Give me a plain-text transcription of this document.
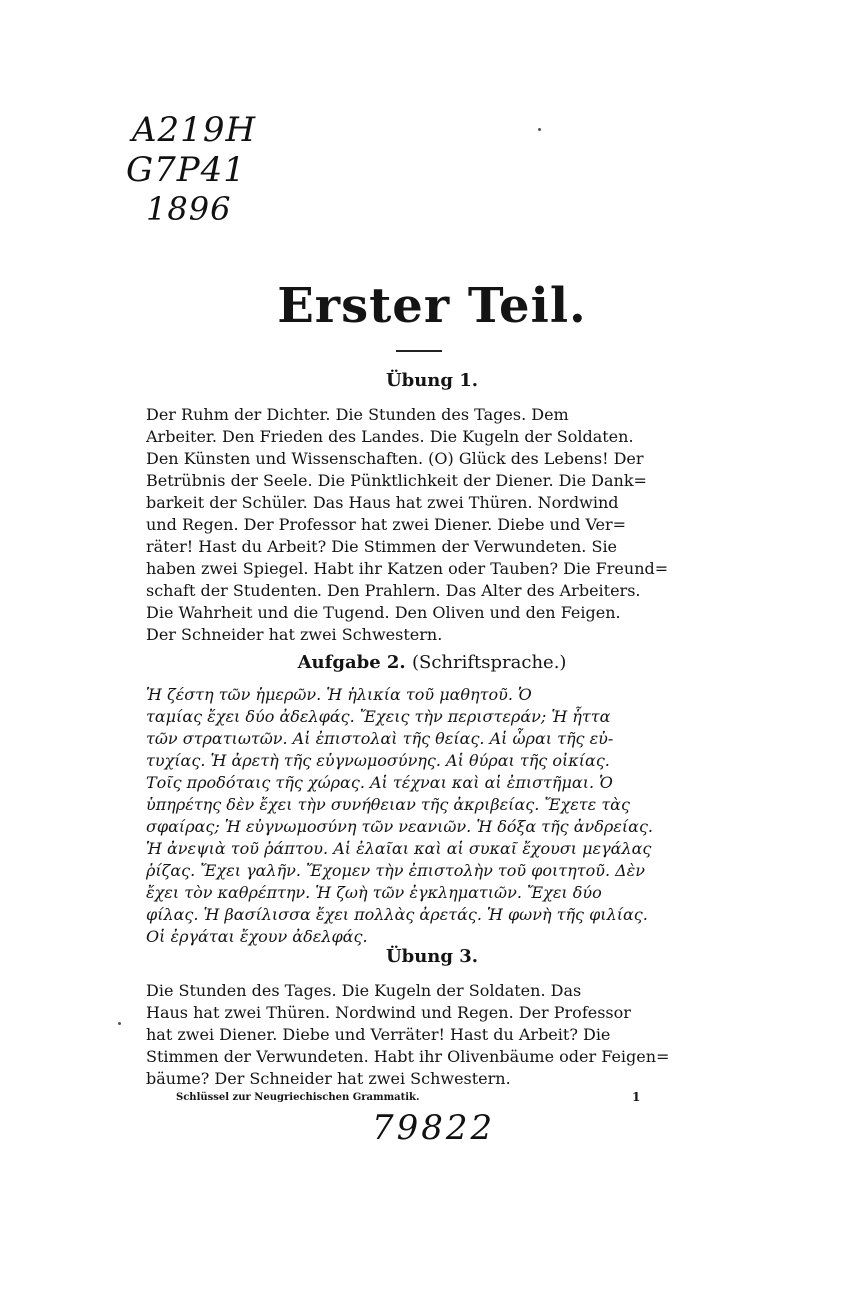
A219H
G7P41
1896
Erster Teil.
Übung 1.
Der Ruhm der Dichter. Die Stunden des Tages. Dem
Arbeiter. Den Frieden des Landes. Die Kugeln der Soldaten.
Den Künsten und Wissenschaften. (O) Glück des Lebens! Der
Betrübnis der Seele. Die Pünktlichkeit der Diener. Die Dank=
barkeit der Schüler. Das Haus hat zwei Thüren. Nordwind
und Regen. Der Professor hat zwei Diener. Diebe und Ver=
räter! Hast du Arbeit? Die Stimmen der Verwundeten. Sie
haben zwei Spiegel. Habt ihr Katzen oder Tauben? Die Freund=
schaft der Studenten. Den Prahlern. Das Alter des Arbeiters.
Die Wahrheit und die Tugend. Den Oliven und den Feigen.
Der Schneider hat zwei Schwestern.
Aufgabe 2. (Schriftsprache.)
Ἡ ζέστη τῶν ἡμερῶν. Ἡ ἡλικία τοῦ μαθητοῦ. Ὁ
ταμίας ἔχει δύο ἀδελφάς. Ἔχεις τὴν περιστεράν; Ἡ ἧττα
τῶν στρατιωτῶν. Αἱ ἐπιστολαὶ τῆς θείας. Αἱ ὧραι τῆς εὐ-
τυχίας. Ἡ ἀρετὴ τῆς εὐγνωμοσύνης. Αἱ θύραι τῆς οἰκίας.
Τοῖς προδόταις τῆς χώρας. Αἱ τέχναι καὶ αἱ ἐπιστῆμαι. Ὁ
ὑπηρέτης δὲν ἔχει τὴν συνήθειαν τῆς ἀκριβείας. Ἔχετε τὰς
σφαίρας; Ἡ εὐγνωμοσύνη τῶν νεανιῶν. Ἡ δόξα τῆς ἀνδρείας.
Ἡ ἀνεψιὰ τοῦ ῥάπτου. Αἱ ἐλαῖαι καὶ αἱ συκαῖ ἔχουσι μεγάλας
ῥίζας. Ἔχει γαλῆν. Ἔχομεν τὴν ἐπιστολὴν τοῦ φοιτητοῦ. Δὲν
ἔχει τὸν καθρέπτην. Ἡ ζωὴ τῶν ἐγκληματιῶν. Ἔχει δύο
φίλας. Ἡ βασίλισσα ἔχει πολλὰς ἀρετάς. Ἡ φωνὴ τῆς φιλίας.
Οἱ ἐργάται ἔχουν ἀδελφάς.
Übung 3.
Die Stunden des Tages. Die Kugeln der Soldaten. Das
Haus hat zwei Thüren. Nordwind und Regen. Der Professor
hat zwei Diener. Diebe und Verräter! Hast du Arbeit? Die
Stimmen der Verwundeten. Habt ihr Olivenbäume oder Feigen=
bäume? Der Schneider hat zwei Schwestern.
Schlüssel zur Neugriechischen Grammatik.	1
79822
